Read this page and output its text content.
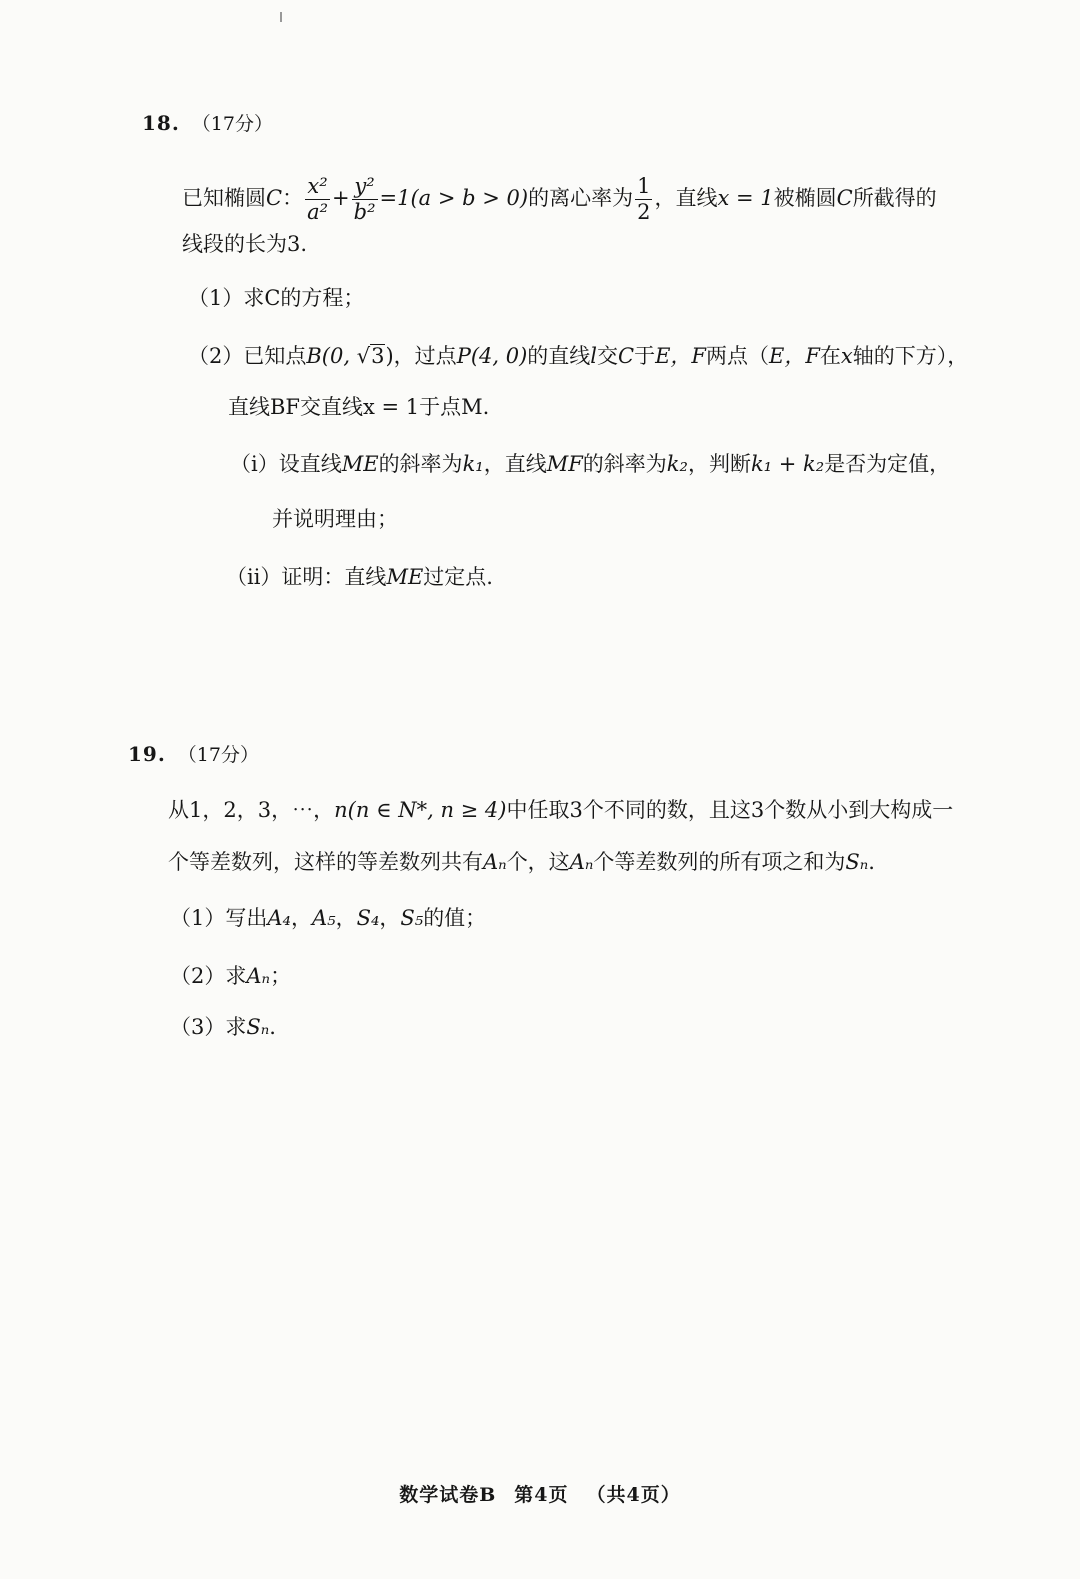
18. （17分）
已知椭圆C： $\frac{\text{x²}}{\text{a²}} + \frac{\text{y²}}{\text{b²}} =1(a > b > 0)$的离心率为 $\frac{1}{2}$ ，直线x = 1被椭圆C所截得的
线段的长为3.
（1）求C的方程；
（2）已知点B(0, √3)，过点P(4, 0)的直线l交C于E，F两点（E，F在x轴的下方），
直线BF交直线x = 1于点M.
（ⅰ）设直线ME的斜率为k₁，直线MF的斜率为k₂，判断k₁ + k₂是否为定值，
并说明理由；
（ⅱ）证明：直线ME过定点.
19. （17分）
从1，2，3，⋯，n(n ∈ N*, n ≥ 4)中任取3个不同的数，且这3个数从小到大构成一
个等差数列，这样的等差数列共有Aₙ个，这Aₙ个等差数列的所有项之和为Sₙ.
（1）写出A₄，A₅，S₄，S₅的值；
（2）求Aₙ；
（3）求Sₙ.
数学试卷B 第4页 （共4页）
